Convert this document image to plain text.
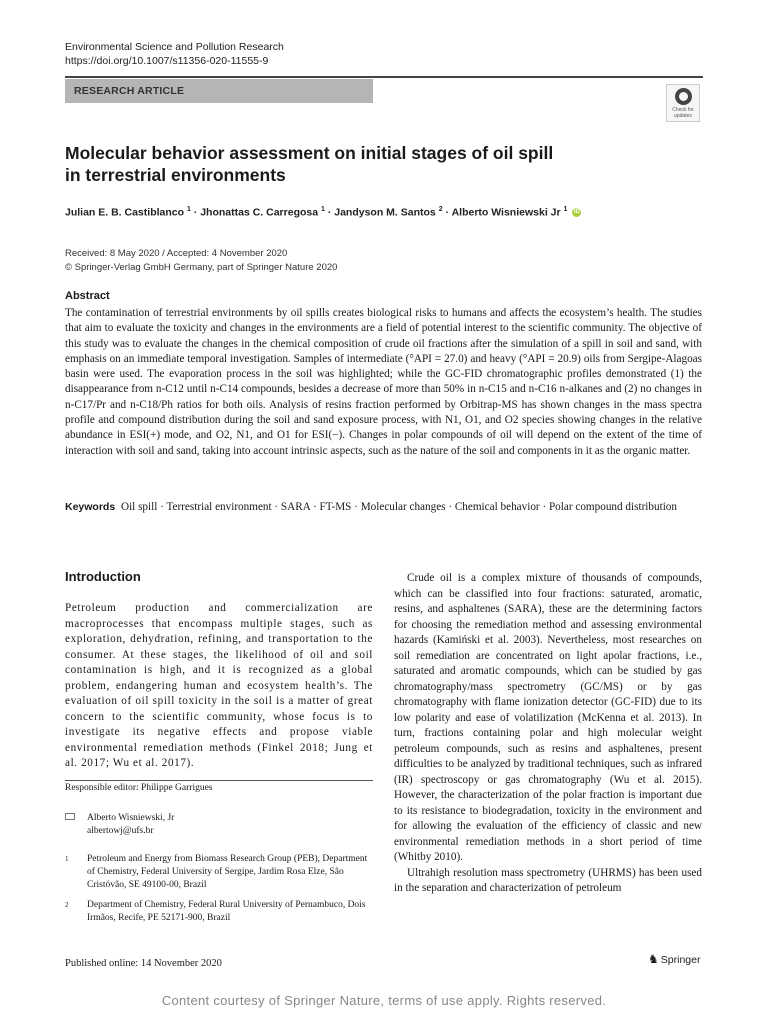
Environmental Science and Pollution Research
https://doi.org/10.1007/s11356-020-11555-9
RESEARCH ARTICLE
Check for updates
Molecular behavior assessment on initial stages of oil spill
in terrestrial environments
Julian E. B. Castiblanco $^1$ · Jhonattas C. Carregosa $^1$ · Jandyson M. Santos $^2$ · Alberto Wisniewski Jr $^1$ iD
Received: 8 May 2020 / Accepted: 4 November 2020
© Springer-Verlag GmbH Germany, part of Springer Nature 2020
Abstract
The contamination of terrestrial environments by oil spills creates biological risks to humans and affects the ecosystem’s health. The studies that aim to evaluate the toxicity and changes in the environments are a field of potential interest to the scientific community. The objective of this study was to evaluate the changes in the chemical composition of crude oil fractions after the simulation of a spill in soil and sand, with emphasis on an immediate temporal investigation. Samples of intermediate (°API = 27.0) and heavy (°API = 20.9) oils from Sergipe-Alagoas basin were used. The evaporation process in the soil was highlighted; while the GC-FID chromatographic profiles demonstrated (1) the disappearance from n-C12 until n-C14 compounds, besides a decrease of more than 50% in n-C15 and n-C16 n-alkanes and (2) no changes in n-C17/Pr and n-C18/Ph ratios for both oils. Analysis of resins fraction performed by Orbitrap-MS has shown changes in the mass spectra profile and compound distribution during the soil and sand exposure process, with N1, O1, and O2 species showing changes in the relative abundance in ESI(+) mode, and O2, N1, and O1 for ESI(−). Changes in polar compounds of oil will depend on the extent of the time of interaction with soil and sand, taking into account intrinsic aspects, such as the nature of the soil and components in it as the organic matter.
Keywords Oil spill · Terrestrial environment · SARA · FT-MS · Molecular changes · Chemical behavior · Polar compound distribution
Introduction

Petroleum production and commercialization are macroprocesses that encompass multiple stages, such as exploration, dehydration, refining, and transportation to the consumer. At these stages, the likelihood of oil and soil contamination is high, and it is recognized as a global problem, endangering human and ecosystem health’s. The evaluation of oil spill toxicity in the soil is a matter of great concern to the scientific community, whose focus is to investigate its negative effects and propose viable environmental remediation methods (Finkel 2018; Jung et al. 2017; Wu et al. 2017).

Crude oil is a complex mixture of thousands of compounds, which can be classified into four fractions: saturated, aromatic, resins, and asphaltenes (SARA), these are the determining factors for choosing the remediation method and assessing environmental hazards (Kamiński et al. 2003). Nevertheless, most researches on soil remediation are concentrated on light apolar fractions, i.e., saturated and aromatic compounds, which can be studied by gas chromatography/mass spectrometry (GC/MS) or by gas chromatography with flame ionization detector (GC-FID) due to its low polarity and ease of volatilization (McKenna et al. 2013). In turn, fractions containing polar and high molecular weight petroleum compounds, such as resins and asphaltenes, present difficulties to be analyzed by traditional techniques, such as infrared (IR) spectroscopy or gas chromatography (Wu et al. 2015). However, the characterization of the polar fraction is important due to its resistance to biodegradation, toxicity in the environment and for allowing the evaluation of the efficiency of classic and new environmental remediation methods in a short period of time (Whitby 2010).

Ultrahigh resolution mass spectrometry (UHRMS) has been used in the separation and characterization of petroleum

Responsible editor: Philippe Garrigues
Alberto Wisniewski, Jr
albertowj@ufs.br
1	Petroleum and Energy from Biomass Research Group (PEB), Department of Chemistry, Federal University of Sergipe, Jardim Rosa Elze, São Cristóvão, SE 49100-00, Brazil
2	Department of Chemistry, Federal Rural University of Pernambuco, Dois Irmãos, Recife, PE 52171-900, Brazil
Published online: 14 November 2020	♞ Springer
Content courtesy of Springer Nature, terms of use apply. Rights reserved.
